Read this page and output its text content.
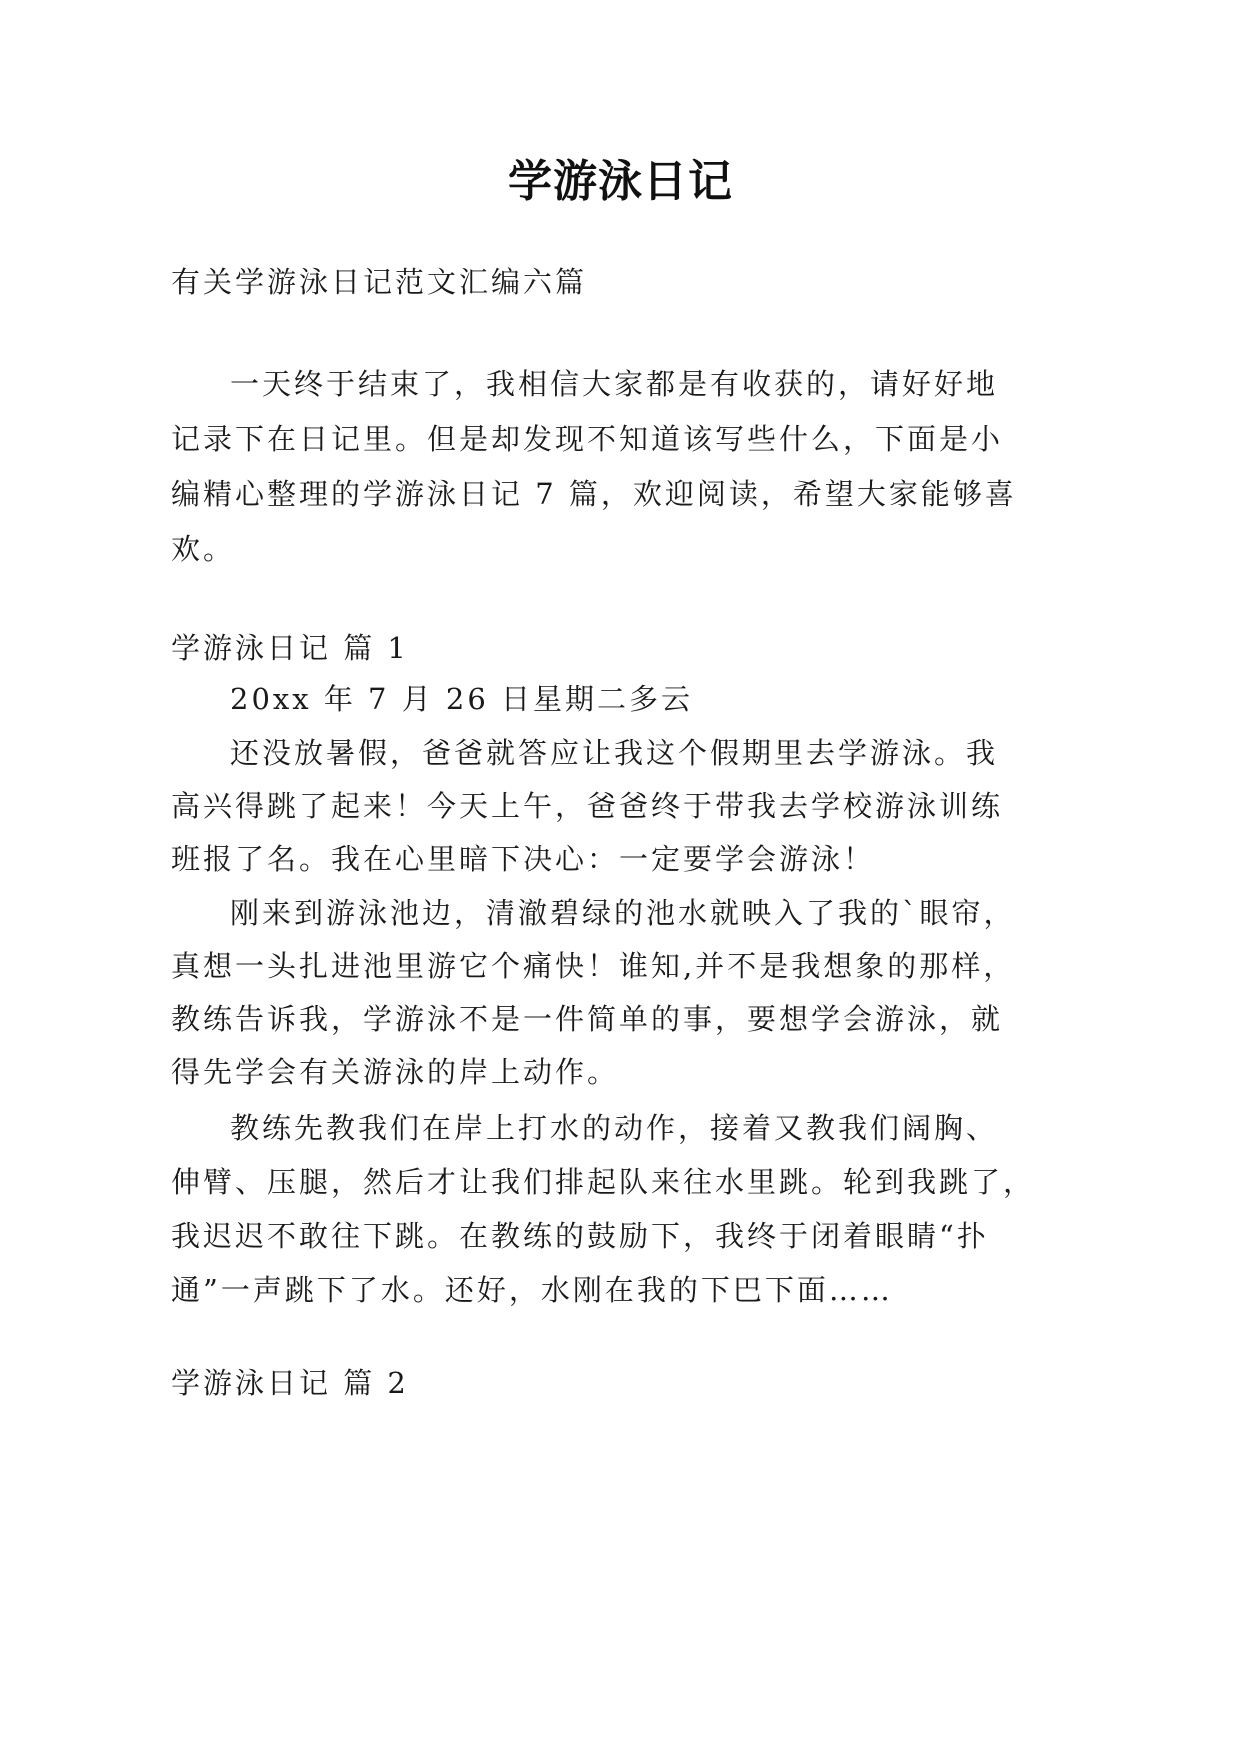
学游泳日记
有关学游泳日记范文汇编六篇
一天终于结束了，我相信大家都是有收获的，请好好地
记录下在日记里。但是却发现不知道该写些什么，下面是小
编精心整理的学游泳日记 7 篇，欢迎阅读，希望大家能够喜
欢。
学游泳日记 篇 1
20xx 年 7 月 26 日星期二多云
还没放暑假，爸爸就答应让我这个假期里去学游泳。我
高兴得跳了起来！今天上午，爸爸终于带我去学校游泳训练
班报了名。我在心里暗下决心：一定要学会游泳！
刚来到游泳池边，清澈碧绿的池水就映入了我的`眼帘，
真想一头扎进池里游它个痛快！谁知,并不是我想象的那样，
教练告诉我，学游泳不是一件简单的事，要想学会游泳，就
得先学会有关游泳的岸上动作。
教练先教我们在岸上打水的动作，接着又教我们阔胸、
伸臂、压腿，然后才让我们排起队来往水里跳。轮到我跳了，
我迟迟不敢往下跳。在教练的鼓励下，我终于闭着眼睛“扑
通”一声跳下了水。还好，水刚在我的下巴下面……
学游泳日记 篇 2
